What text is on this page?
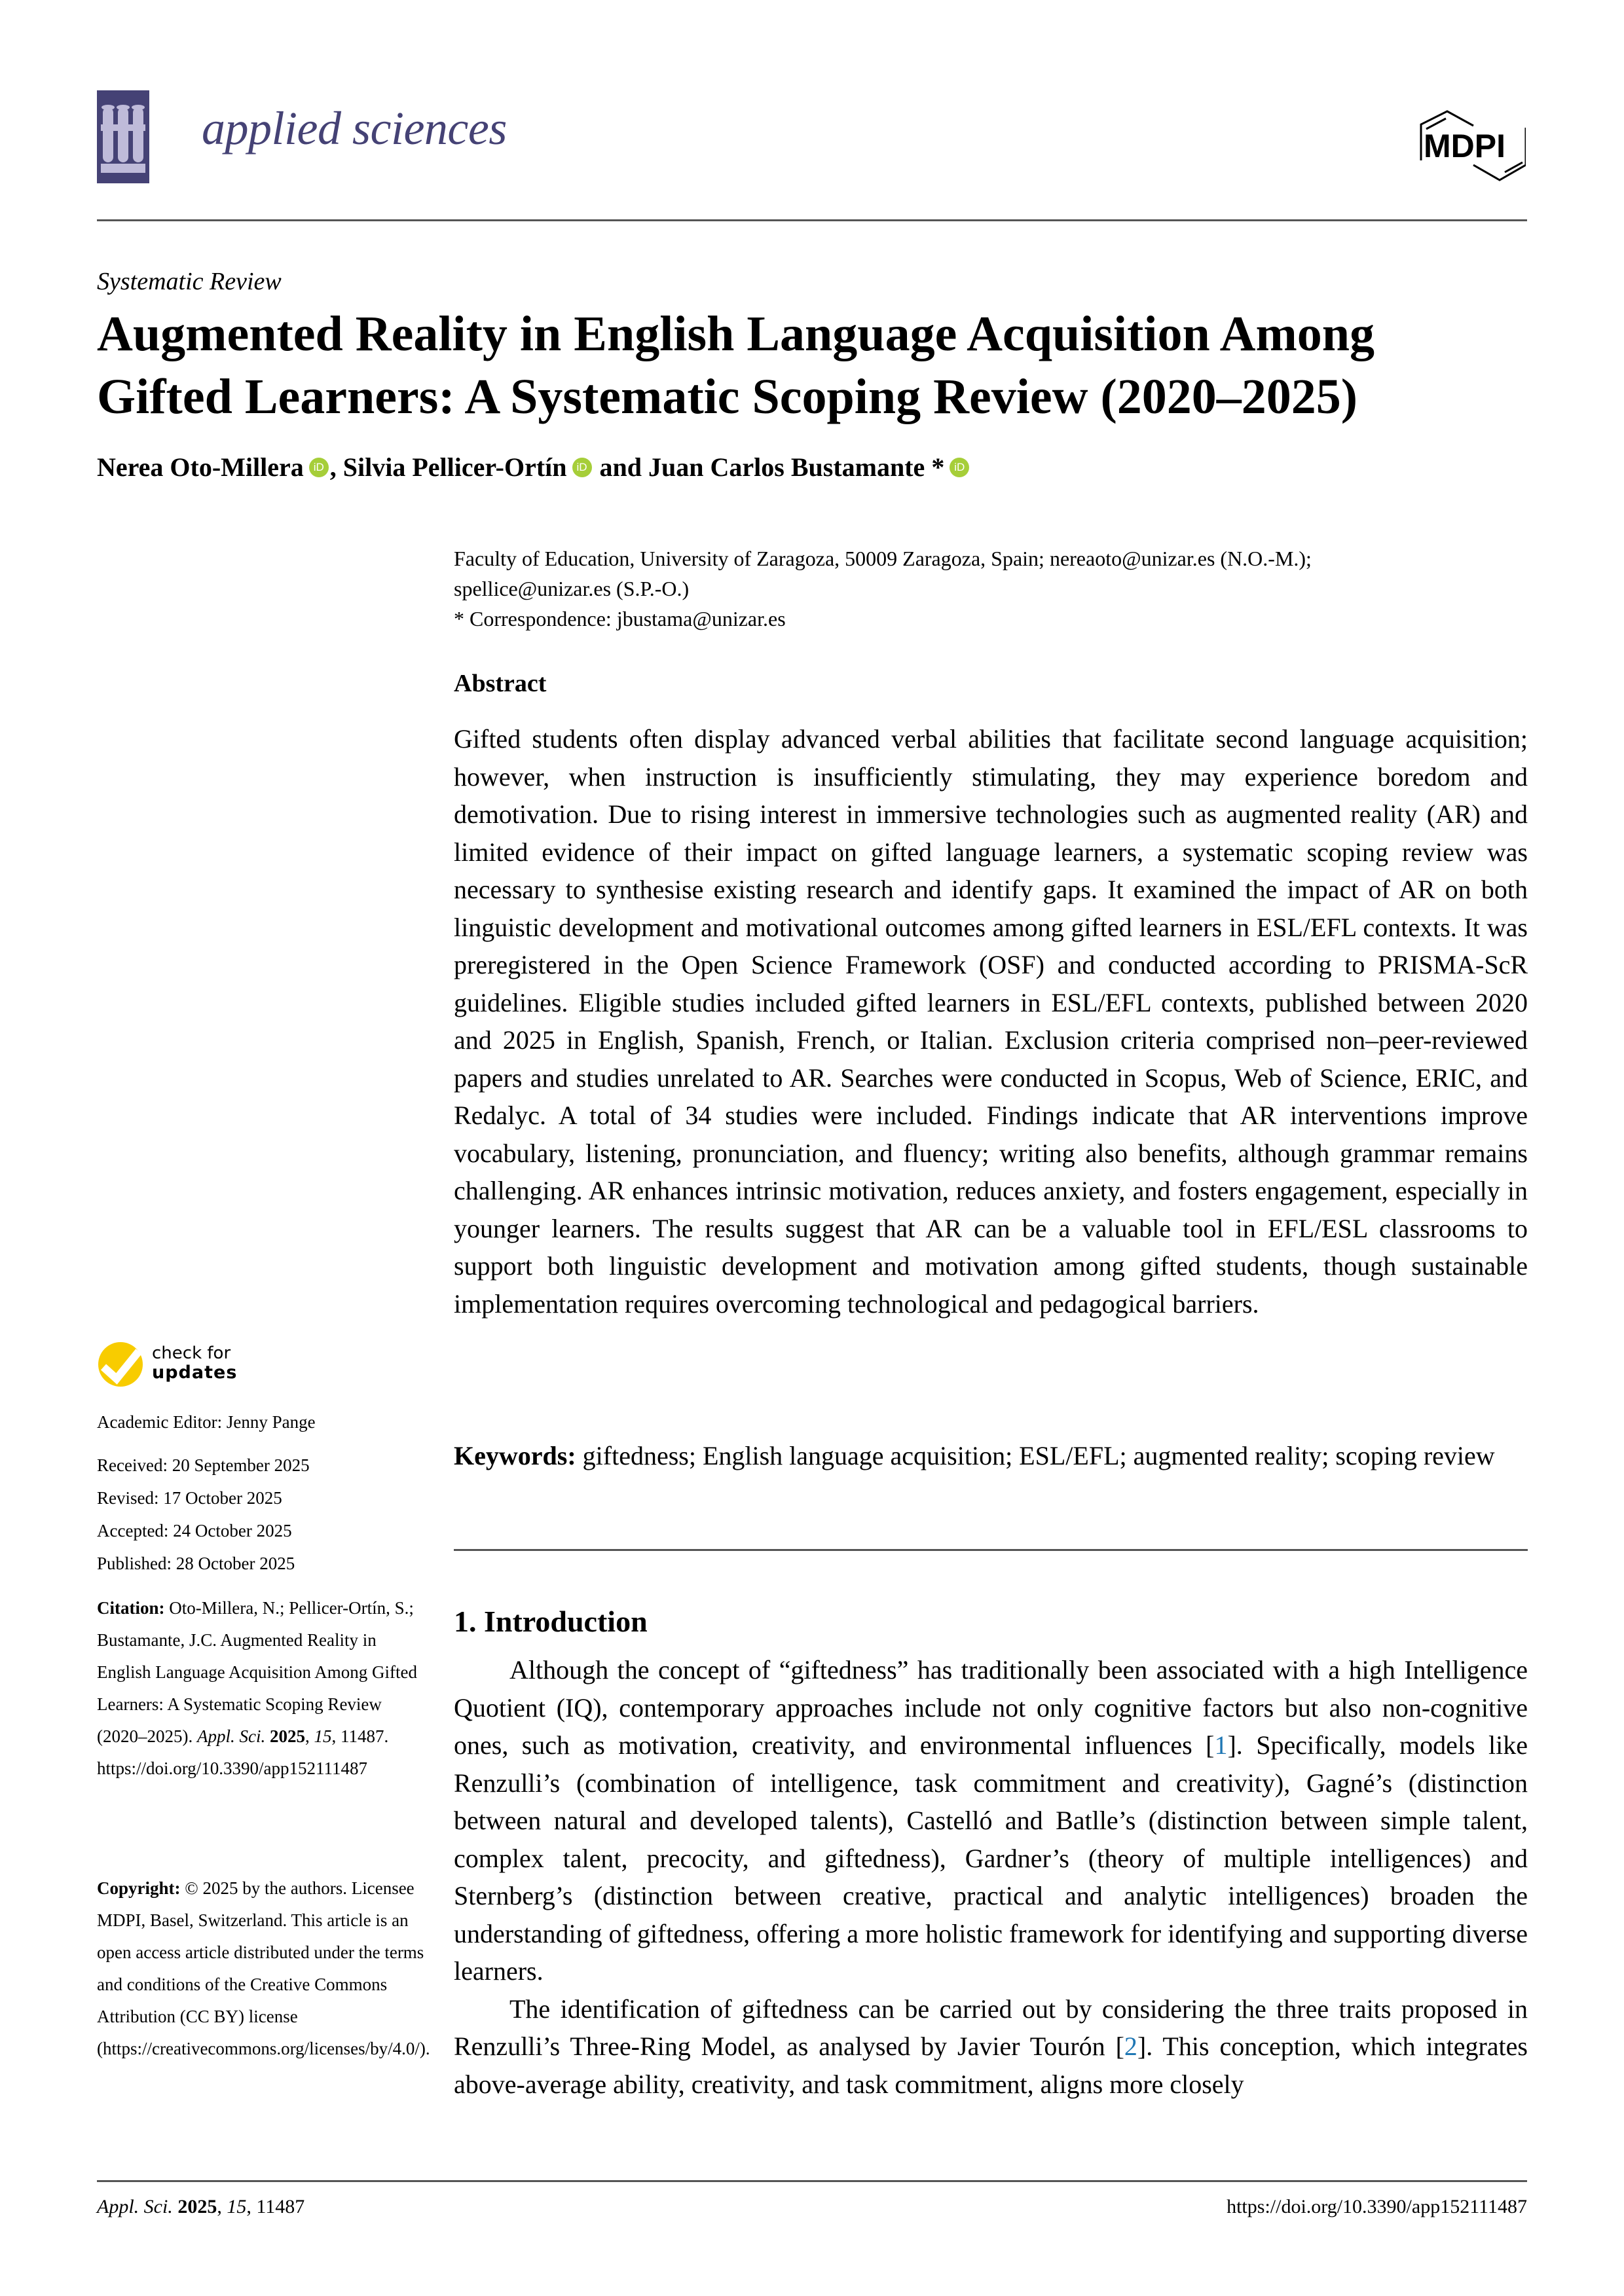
applied sciences	MDPI
Systematic Review
Augmented Reality in English Language Acquisition Among
Gifted Learners: A Systematic Scoping Review (2020–2025)
Nerea Oto-Millera iD , Silvia Pellicer-Ortín iD and Juan Carlos Bustamante * iD
Faculty of Education, University of Zaragoza, 50009 Zaragoza, Spain; nereaoto@unizar.es (N.O.-M.);
spellice@unizar.es (S.P.-O.)
* Correspondence: jbustama@unizar.es
Abstract
Gifted students often display advanced verbal abilities that facilitate second language acquisition; however, when instruction is insufficiently stimulating, they may experience boredom and demotivation. Due to rising interest in immersive technologies such as augmented reality (AR) and limited evidence of their impact on gifted language learners, a systematic scoping review was necessary to synthesise existing research and identify gaps. It examined the impact of AR on both linguistic development and motivational outcomes among gifted learners in ESL/EFL contexts. It was preregistered in the Open Science Framework (OSF) and conducted according to PRISMA-ScR guidelines. Eligible studies included gifted learners in ESL/EFL contexts, published between 2020 and 2025 in English, Spanish, French, or Italian. Exclusion criteria comprised non–peer-reviewed papers and studies unrelated to AR. Searches were conducted in Scopus, Web of Science, ERIC, and Redalyc. A total of 34 studies were included. Findings indicate that AR interventions improve vocabulary, listening, pronunciation, and fluency; writing also benefits, although grammar remains challenging. AR enhances intrinsic motivation, reduces anxiety, and fosters engagement, especially in younger learners. The results suggest that AR can be a valuable tool in EFL/ESL classrooms to support both linguistic development and motivation among gifted students, though sustainable implementation requires overcoming technological and pedagogical barriers.
Keywords: giftedness; English language acquisition; ESL/EFL; augmented reality; scoping review
1. Introduction

Although the concept of “giftedness” has traditionally been associated with a high Intelligence Quotient (IQ), contemporary approaches include not only cognitive factors but also non-cognitive ones, such as motivation, creativity, and environmental influences [1]. Specifically, models like Renzulli’s (combination of intelligence, task commitment and creativity), Gagné’s (distinction between natural and developed talents), Castelló and Batlle’s (distinction between simple talent, complex talent, precocity, and giftedness), Gardner’s (theory of multiple intelligences) and Sternberg’s (distinction between creative, practical and analytic intelligences) broaden the understanding of giftedness, offering a more holistic framework for identifying and supporting diverse learners.

The identification of giftedness can be carried out by considering the three traits proposed in Renzulli’s Three-Ring Model, as analysed by Javier Tourón [2]. This conception, which integrates above-average ability, creativity, and task commitment, aligns more closely

check for
updates
Academic Editor: Jenny Pange
Received: 20 September 2025
Revised: 17 October 2025
Accepted: 24 October 2025
Published: 28 October 2025
Citation: Oto-Millera, N.; Pellicer-Ortín, S.; Bustamante, J.C. Augmented Reality in English Language Acquisition Among Gifted Learners: A Systematic Scoping Review (2020–2025). Appl. Sci. 2025, 15, 11487. https://doi.org/10.3390/app152111487
Copyright: © 2025 by the authors. Licensee MDPI, Basel, Switzerland. This article is an open access article distributed under the terms and conditions of the Creative Commons Attribution (CC BY) license (https://creativecommons.org/licenses/by/4.0/).
Appl. Sci. 2025, 15, 11487	https://doi.org/10.3390/app152111487
